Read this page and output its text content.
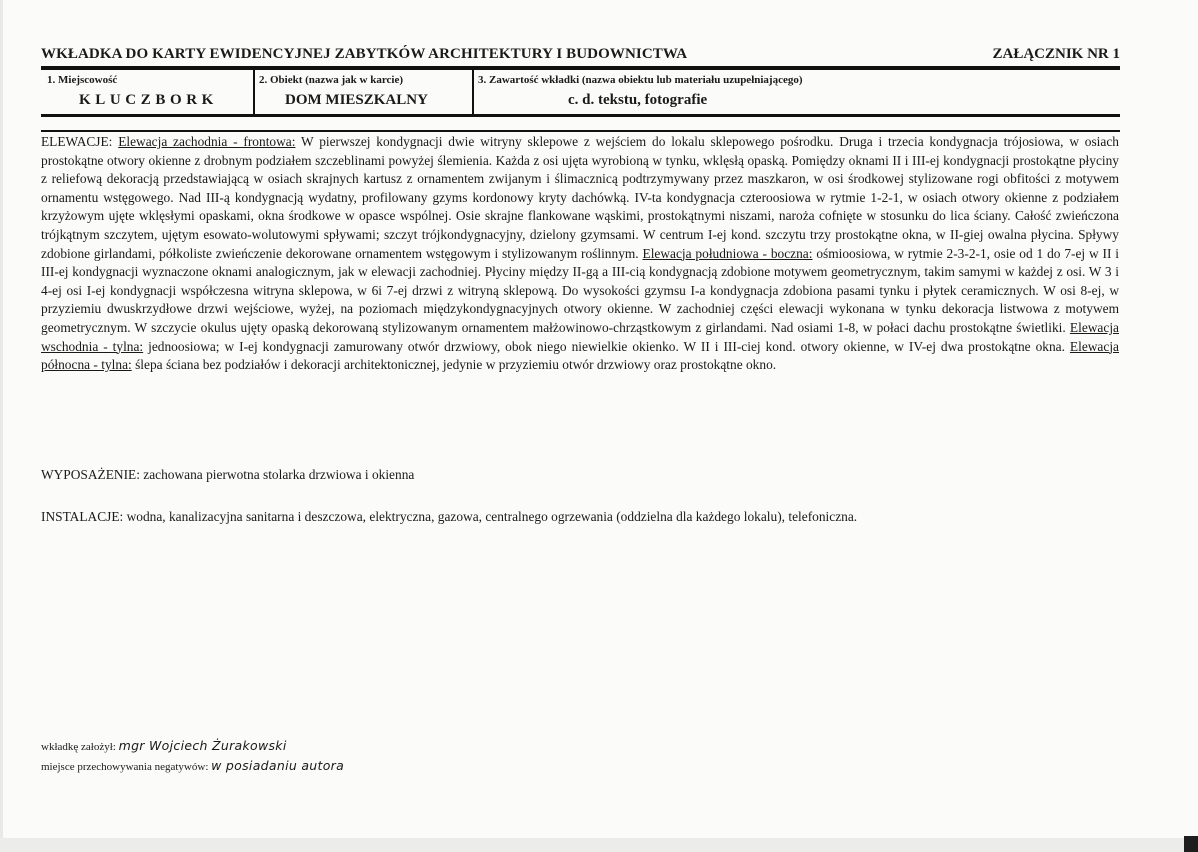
WKŁADKA DO KARTY EWIDENCYJNEJ ZABYTKÓW ARCHITEKTURY I BUDOWNICTWA	ZAŁĄCZNIK NR 1
1. Miejscowość
KLUCZBORK
2. Obiekt (nazwa jak w karcie)
DOM MIESZKALNY
3. Zawartość wkładki (nazwa obiektu lub materiału uzupełniającego)
c. d. tekstu, fotografie

ELEWACJE: Elewacja zachodnia - frontowa: W pierwszej kondygnacji dwie witryny sklepowe z wejściem do lokalu sklepowego pośrodku. Druga i trzecia kondygnacja trójosiowa, w osiach prostokątne otwory okienne z drobnym podziałem szczeblinami powyżej ślemienia. Każda z osi ujęta wyrobioną w tynku, wklęsłą opaską. Pomiędzy oknami II i III-ej kondygnacji prostokątne płyciny z reliefową dekoracją przedstawiającą w osiach skrajnych kartusz z ornamentem zwijanym i ślimacznicą podtrzymywany przez maszkaron, w osi środkowej stylizowane rogi obfitości z motywem ornamentu wstęgowego. Nad III-ą kondygnacją wydatny, profilowany gzyms kordonowy kryty dachówką. IV-ta kondygnacja czteroosiowa w rytmie 1-2-1, w osiach otwory okienne z podziałem krzyżowym ujęte wklęsłymi opaskami, okna środkowe w opasce wspólnej. Osie skrajne flankowane wąskimi, prostokątnymi niszami, naroża cofnięte w stosunku do lica ściany. Całość zwieńczona trójkątnym szczytem, ujętym esowato-wolutowymi spływami; szczyt trójkondygnacyjny, dzielony gzymsami. W centrum I-ej kond. szczytu trzy prostokątne okna, w II-giej owalna płycina. Spływy zdobione girlandami, półkoliste zwieńczenie dekorowane ornamentem wstęgowym i stylizowanym roślinnym. Elewacja południowa - boczna: ośmioosiowa, w rytmie 2-3-2-1, osie od 1 do 7-ej w II i III-ej kondygnacji wyznaczone oknami analogicznym, jak w elewacji zachodniej. Płyciny między II-gą a III-cią kondygnacją zdobione motywem geometrycznym, takim samymi w każdej z osi. W 3 i 4-ej osi I-ej kondygnacji współczesna witryna sklepowa, w 6i 7-ej drzwi z witryną sklepową. Do wysokości gzymsu I-a kondygnacja zdobiona pasami tynku i płytek ceramicznych. W osi 8-ej, w przyziemiu dwuskrzydłowe drzwi wejściowe, wyżej, na poziomach międzykondygnacyjnych otwory okienne. W zachodniej części elewacji wykonana w tynku dekoracja listwowa z motywem geometrycznym. W szczycie okulus ujęty opaską dekorowaną stylizowanym ornamentem małżowinowo-chrząstkowym z girlandami. Nad osiami 1-8, w połaci dachu prostokątne świetliki. Elewacja wschodnia - tylna: jednoosiowa; w I-ej kondygnacji zamurowany otwór drzwiowy, obok niego niewielkie okienko. W II i III-ciej kond. otwory okienne, w IV-ej dwa prostokątne okna. Elewacja północna - tylna: ślepa ściana bez podziałów i dekoracji architektonicznej, jedynie w przyziemiu otwór drzwiowy oraz prostokątne okno.

WYPOSAŻENIE: zachowana pierwotna stolarka drzwiowa i okienna
INSTALACJE: wodna, kanalizacyjna sanitarna i deszczowa, elektryczna, gazowa, centralnego ogrzewania (oddzielna dla każdego lokalu), telefoniczna.
wkładkę założył: mgr Wojciech Żurakowski
miejsce przechowywania negatywów: w posiadaniu autora
